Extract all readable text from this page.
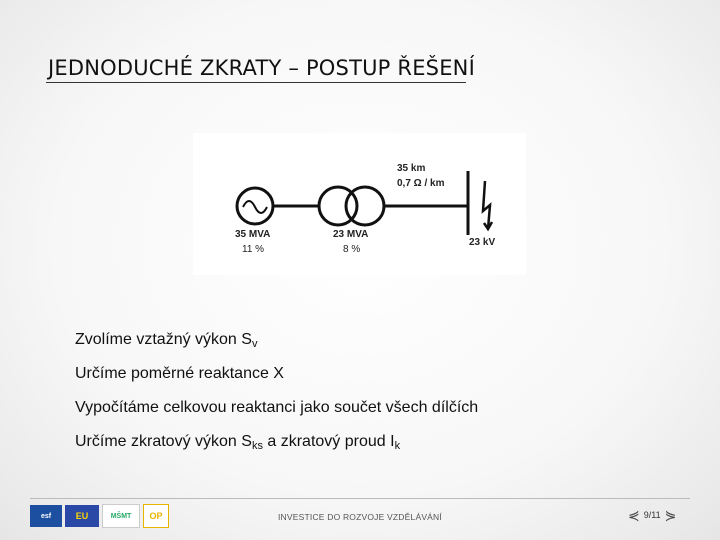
JEDNODUCHÉ ZKRATY – POSTUP ŘEŠENÍ
35 km
0,7 Ω / km
35 MVA
11 %
23 MVA
8 %
23 kV
Zvolíme vztažný výkon $S_v$
Určíme poměrné reaktance X
Vypočítáme celkovou reaktanci jako součet všech dílčích
Určíme zkratový výkon $S_{ks}$ a zkratový proud $I_k$
esf	EU	MŠMT	OP	INVESTICE DO ROZVOJE VZDĚLÁVÁNÍ	⋞ 9/11 ⋟
